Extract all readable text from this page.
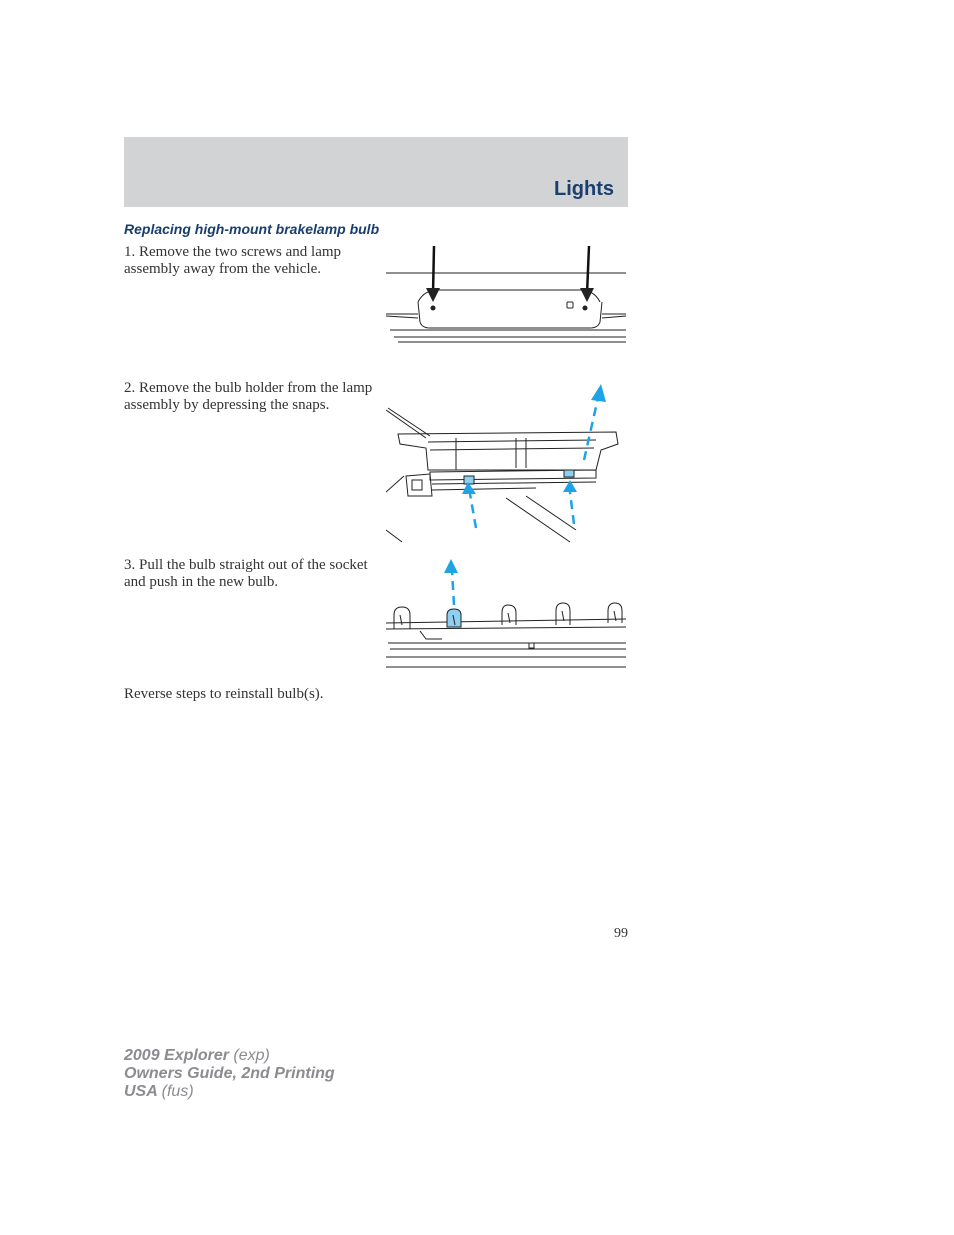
Lights
Replacing high-mount brakelamp bulb
1. Remove the two screws and lamp assembly away from the vehicle.
2. Remove the bulb holder from the lamp assembly by depressing the snaps.
3. Pull the bulb straight out of the socket and push in the new bulb.
Reverse steps to reinstall bulb(s).
99
2009 Explorer (exp)
Owners Guide, 2nd Printing
USA (fus)
